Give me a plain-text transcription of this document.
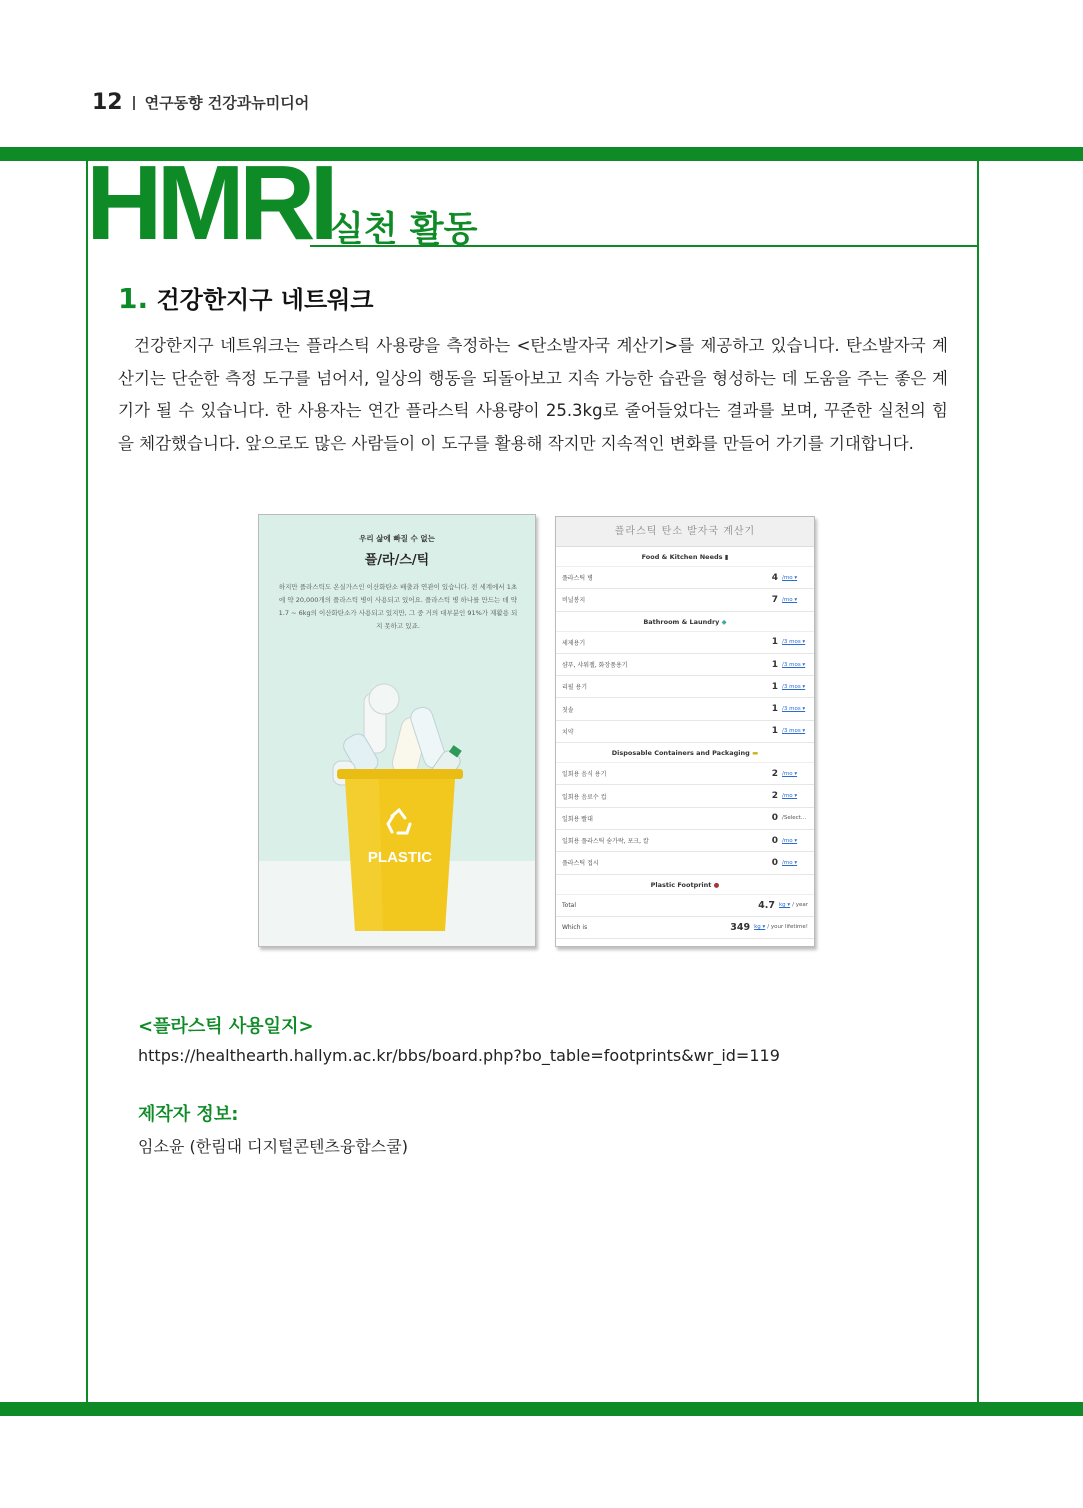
12 연구동향 건강과뉴미디어
HMRI
실천 활동
1. 건강한지구 네트워크

건강한지구 네트워크는 플라스틱 사용량을 측정하는 <탄소발자국 계산기>를 제공하고 있습니다. 탄소발자국 계산기는 단순한 측정 도구를 넘어서, 일상의 행동을 되돌아보고 지속 가능한 습관을 형성하는 데 도움을 주는 좋은 계기가 될 수 있습니다. 한 사용자는 연간 플라스틱 사용량이 25.3kg로 줄어들었다는 결과를 보며, 꾸준한 실천의 힘을 체감했습니다. 앞으로도 많은 사람들이 이 도구를 활용해 작지만 지속적인 변화를 만들어 가기를 기대합니다.

우리 삶에 빠질 수 없는
플/라/스/틱
하지만 플라스틱도 온실가스인 이산화탄소 배출과 연관이 있습니다. 전 세계에서 1초에 약 20,000개의 플라스틱 병이 사용되고 있어요. 플라스틱 병 하나를 만드는 데 약 1.7 ~ 6kg의 이산화탄소가 사용되고 있지만, 그 중 거의 대부분인 91%가 재활용 되지 못하고 있죠.
PLASTIC
플라스틱 탄소 발자국 계산기
Food & Kitchen Needs ▮
플라스틱 병	4 /mo ▾
비닐봉지	7 /mo ▾
Bathroom & Laundry ◆
세제용기	1 /3 mos ▾
샴푸, 샤워젤, 화장품용기	1 /3 mos ▾
리필 용기	1 /3 mos ▾
칫솔	1 /3 mos ▾
치약	1 /3 mos ▾
Disposable Containers and Packaging ▬
일회용 음식 용기	2 /mo ▾
일회용 음료수 컵	2 /mo ▾
일회용 빨대	0 /Select...
일회용 플라스틱 숟가락, 포크, 칼	0 /mo ▾
플라스틱 접시	0 /mo ▾
Plastic Footprint ●
Total	4.7 kg ▾ / year
Which is	349 kg ▾ / your lifetime!
<플라스틱 사용일지>
https://healthearth.hallym.ac.kr/bbs/board.php?bo_table=footprints&wr_id=119
제작자 정보:
임소윤 (한림대 디지털콘텐츠융합스쿨)
